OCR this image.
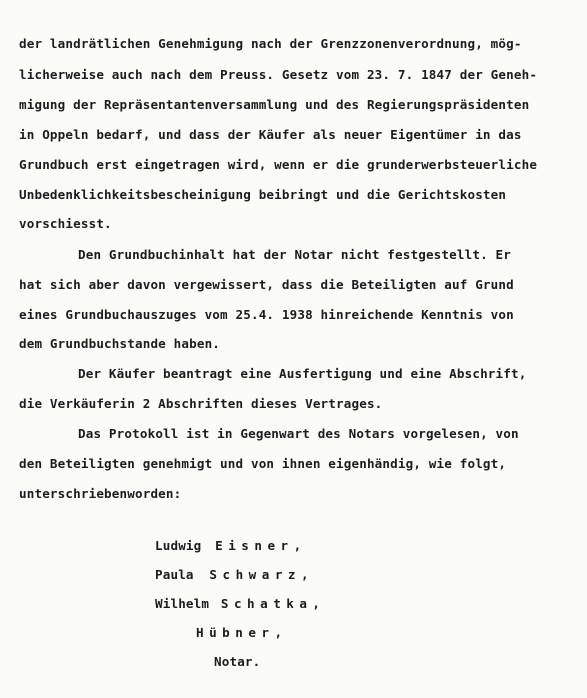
der landrätlichen Genehmigung nach der Grenzzonenverordnung, mög-
licherweise auch nach dem Preuss. Gesetz vom 23. 7. 1847 der Geneh-
migung der Repräsentantenversammlung und des Regierungspräsidenten
in Oppeln bedarf, und dass der Käufer als neuer Eigentümer in das
Grundbuch erst eingetragen wird, wenn er die grunderwerbsteuerliche
Unbedenklichkeitsbescheinigung beibringt und die Gerichtskosten
vorschiesst.
Den Grundbuchinhalt hat der Notar nicht festgestellt. Er
hat sich aber davon vergewissert, dass die Beteiligten auf Grund
eines Grundbuchauszuges vom 25.4. 1938 hinreichende Kenntnis von
dem Grundbuchstande haben.
Der Käufer beantragt eine Ausfertigung und eine Abschrift,
die Verkäuferin 2 Abschriften dieses Vertrages.
Das Protokoll ist in Gegenwart des Notars vorgelesen, von
den Beteiligten genehmigt und von ihnen eigenhändig, wie folgt,
unterschriebenworden:
Ludwig Eisner,
Paula Schwarz,
Wilhelm Schatka,
Hübner,
Notar.
